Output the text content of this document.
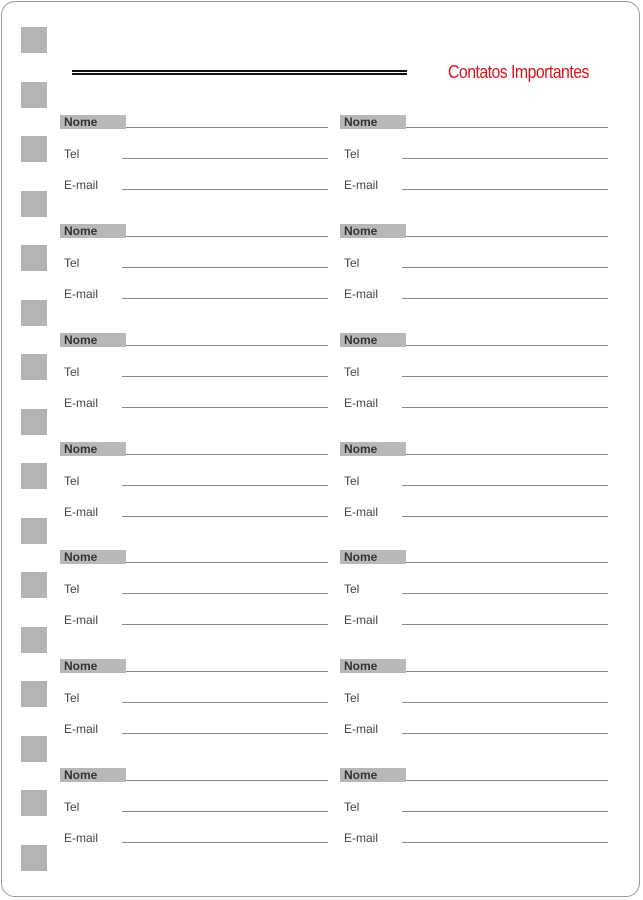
Contatos Importantes
Nome
Tel
E-mail
Nome
Tel
E-mail
Nome
Tel
E-mail
Nome
Tel
E-mail
Nome
Tel
E-mail
Nome
Tel
E-mail
Nome
Tel
E-mail
Nome
Tel
E-mail
Nome
Tel
E-mail
Nome
Tel
E-mail
Nome
Tel
E-mail
Nome
Tel
E-mail
Nome
Tel
E-mail
Nome
Tel
E-mail
